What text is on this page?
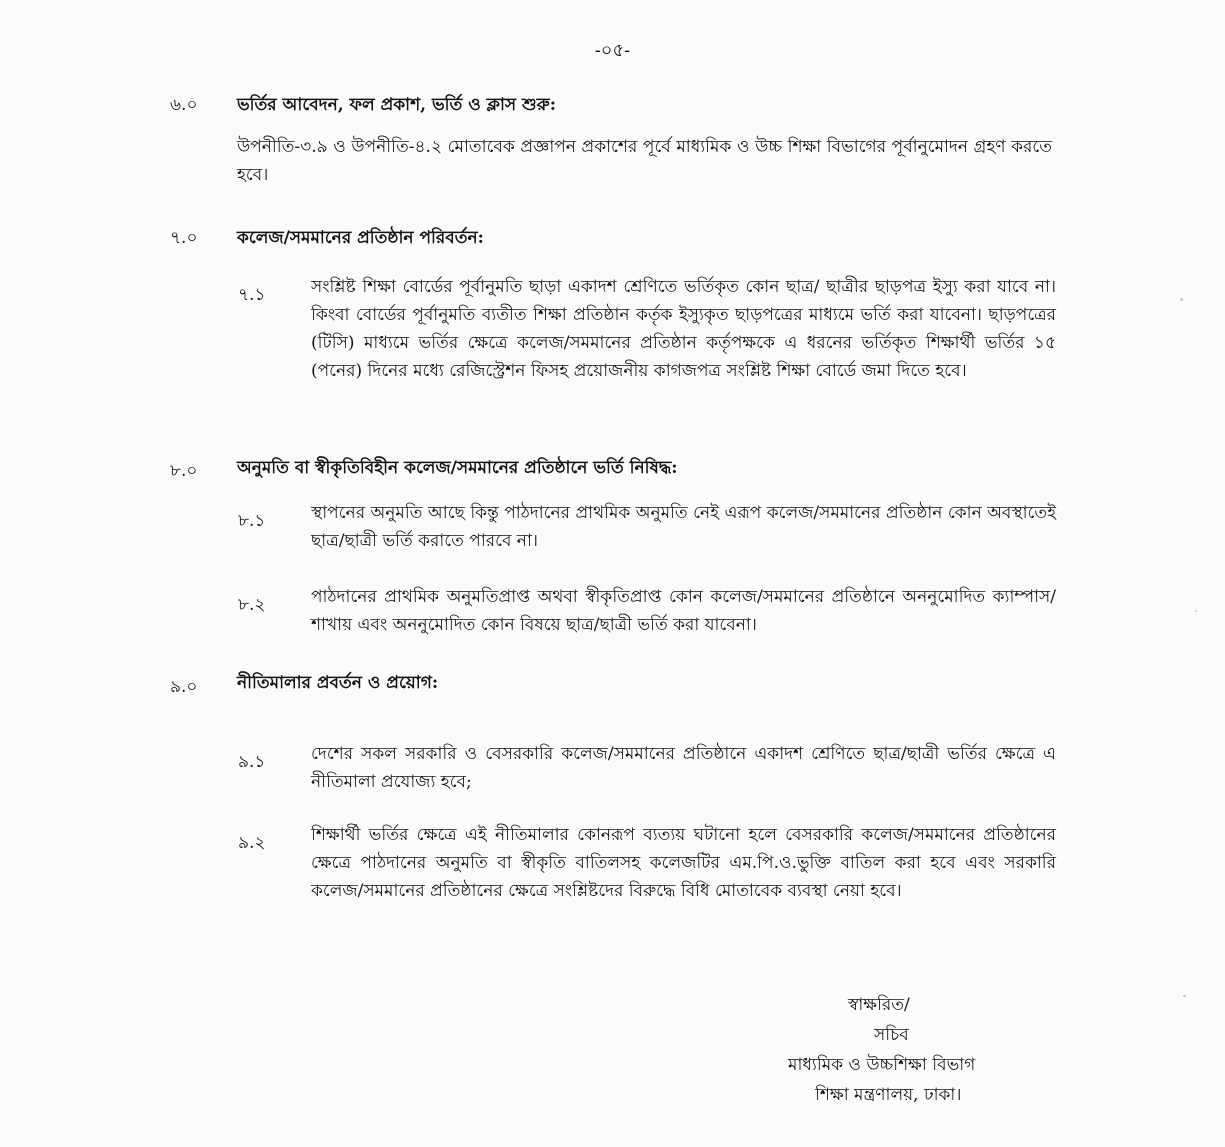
-০৫-
৬.০ ভর্তির আবেদন, ফল প্রকাশ, ভর্তি ও ক্লাস শুরু:
উপনীতি-৩.৯ ও উপনীতি-৪.২ মোতাবেক প্রজ্ঞাপন প্রকাশের পূর্বে মাধ্যমিক ও উচ্চ শিক্ষা বিভাগের পূর্বানুমোদন গ্রহণ করতে হবে।
৭.০ কলেজ/সমমানের প্রতিষ্ঠান পরিবর্তন:
৭.১	সংশ্লিষ্ট শিক্ষা বোর্ডের পূর্বানুমতি ছাড়া একাদশ শ্রেণিতে ভর্তিকৃত কোন ছাত্র/ ছাত্রীর ছাড়পত্র ইস্যু করা যাবে না। কিংবা বোর্ডের পূর্বানুমতি ব্যতীত শিক্ষা প্রতিষ্ঠান কর্তৃক ইস্যুকৃত ছাড়পত্রের মাধ্যমে ভর্তি করা যাবেনা। ছাড়পত্রের (টিসি) মাধ্যমে ভর্তির ক্ষেত্রে কলেজ/সমমানের প্রতিষ্ঠান কর্তৃপক্ষকে এ ধরনের ভর্তিকৃত শিক্ষার্থী ভর্তির ১৫ (পনের) দিনের মধ্যে রেজিস্ট্রেশন ফিসহ প্রয়োজনীয় কাগজপত্র সংশ্লিষ্ট শিক্ষা বোর্ডে জমা দিতে হবে।
৮.০ অনুমতি বা স্বীকৃতিবিহীন কলেজ/সমমানের প্রতিষ্ঠানে ভর্তি নিষিদ্ধ:
৮.১	স্থাপনের অনুমতি আছে কিন্তু পাঠদানের প্রাথমিক অনুমতি নেই এরূপ কলেজ/সমমানের প্রতিষ্ঠান কোন অবস্থাতেই ছাত্র/ছাত্রী ভর্তি করাতে পারবে না।
৮.২	পাঠদানের প্রাথমিক অনুমতিপ্রাপ্ত অথবা স্বীকৃতিপ্রাপ্ত কোন কলেজ/সমমানের প্রতিষ্ঠানে অননুমোদিত ক্যাম্পাস/শাখায় এবং অননুমোদিত কোন বিষয়ে ছাত্র/ছাত্রী ভর্তি করা যাবেনা।
৯.০ নীতিমালার প্রবর্তন ও প্রয়োগ:
৯.১	দেশের সকল সরকারি ও বেসরকারি কলেজ/সমমানের প্রতিষ্ঠানে একাদশ শ্রেণিতে ছাত্র/ছাত্রী ভর্তির ক্ষেত্রে এ নীতিমালা প্রযোজ্য হবে;
৯.২	শিক্ষার্থী ভর্তির ক্ষেত্রে এই নীতিমালার কোনরূপ ব্যত্যয় ঘটানো হলে বেসরকারি কলেজ/সমমানের প্রতিষ্ঠানের ক্ষেত্রে পাঠদানের অনুমতি বা স্বীকৃতি বাতিলসহ কলেজটির এম.পি.ও.ভুক্তি বাতিল করা হবে এবং সরকারি কলেজ/সমমানের প্রতিষ্ঠানের ক্ষেত্রে সংশ্লিষ্টদের বিরুদ্ধে বিধি মোতাবেক ব্যবস্থা নেয়া হবে।
স্বাক্ষরিত/
সচিব
মাধ্যমিক ও উচ্চশিক্ষা বিভাগ
শিক্ষা মন্ত্রণালয়, ঢাকা।
